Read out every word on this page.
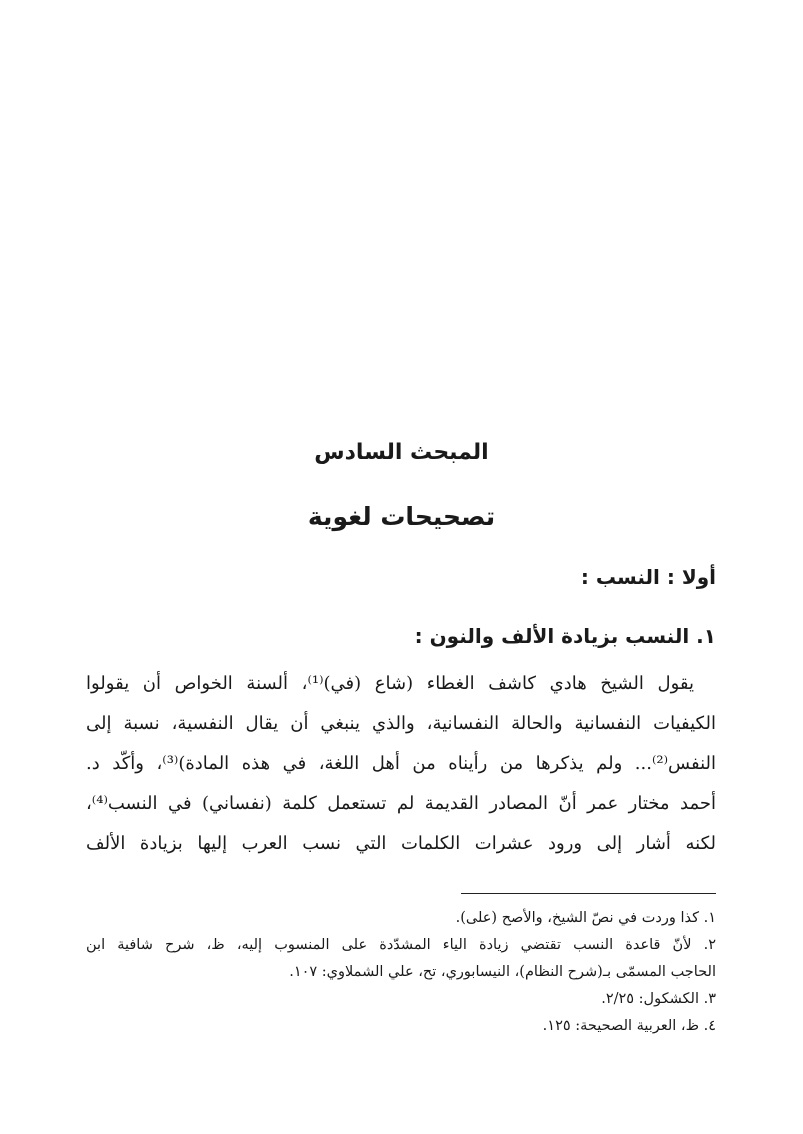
المبحث السادس
تصحيحات لغوية
أولا : النسب :
١. النسب بزيادة الألف والنون :

يقول الشيخ هادي كاشف الغطاء (شاع (في)⁽¹⁾، ألسنة الخواص أن يقولوا
الكيفيات النفسانية والحالة النفسانية، والذي ينبغي أن يقال النفسية، نسبة إلى
النفس⁽²⁾... ولم يذكرها من رأيناه من أهل اللغة، في هذه المادة)⁽³⁾، وأكّد د.
أحمد مختار عمر أنّ المصادر القديمة لم تستعمل كلمة (نفساني) في النسب⁽⁴⁾،
لكنه أشار إلى ورود عشرات الكلمات التي نسب العرب إليها بزيادة الألف

١. كذا وردت في نصّ الشيخ، والأصح (على).
٢. لأنّ قاعدة النسب تقتضي زيادة الياء المشدّدة على المنسوب إليه، ظ، شرح شافية ابن
الحاجب المسمّى بـ(شرح النظام)، النيسابوري، تح، علي الشملاوي: ١٠٧.
٣. الكشكول: ٢/٢٥.
٤. ظ، العربية الصحيحة: ١٢٥.
